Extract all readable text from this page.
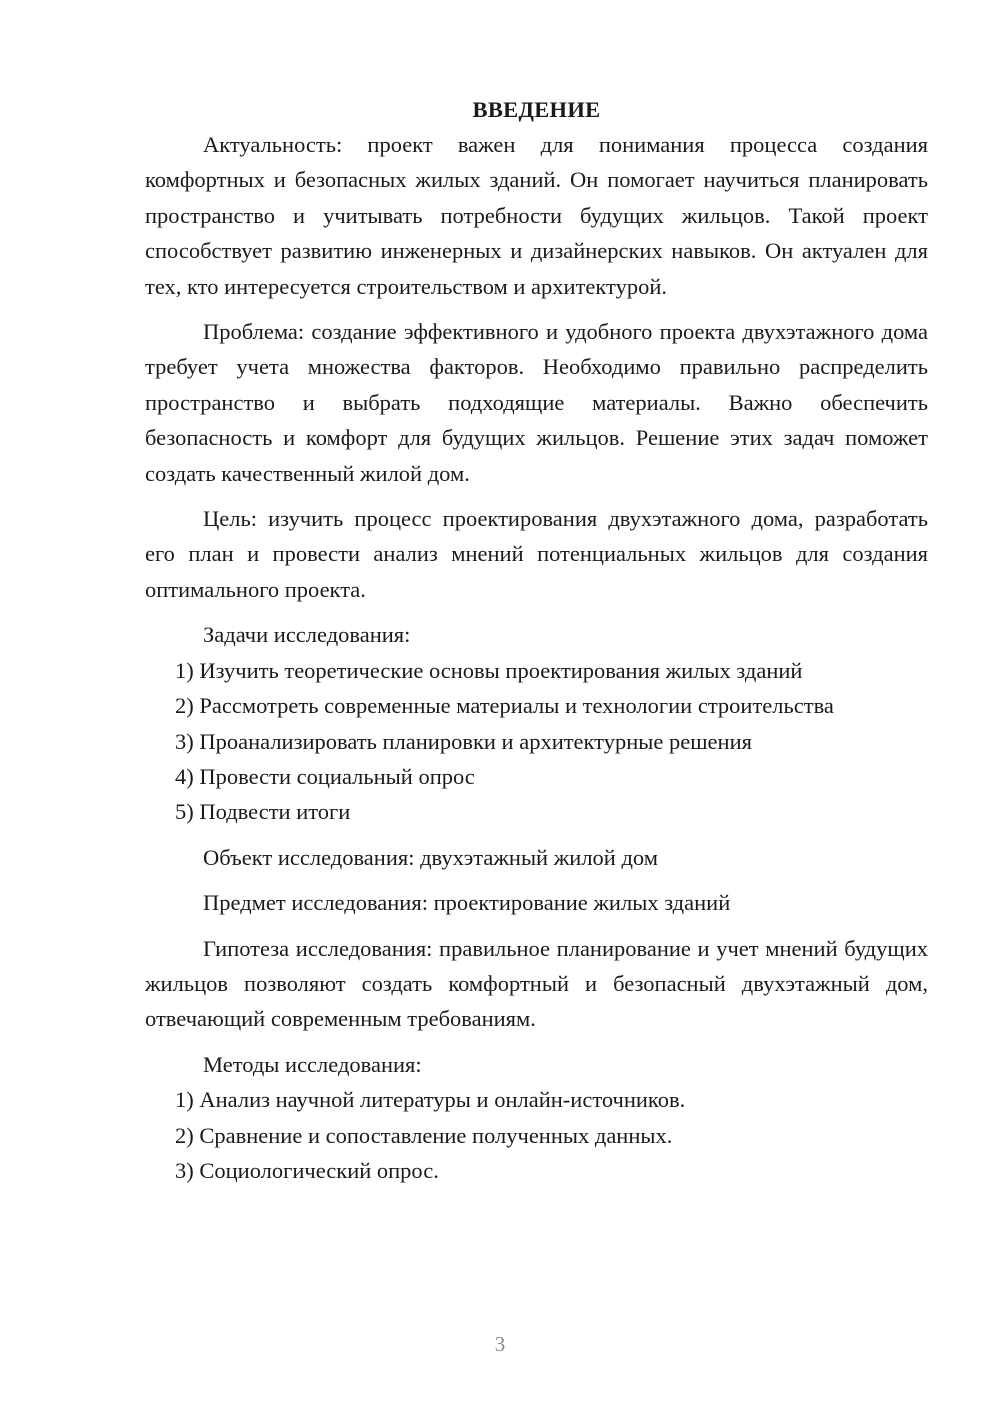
ВВЕДЕНИЕ

Актуальность: проект важен для понимания процесса создания комфортных и безопасных жилых зданий. Он помогает научиться планировать пространство и учитывать потребности будущих жильцов. Такой проект способствует развитию инженерных и дизайнерских навыков. Он актуален для тех, кто интересуется строительством и архитектурой.

Проблема: создание эффективного и удобного проекта двухэтажного дома требует учета множества факторов. Необходимо правильно распределить пространство и выбрать подходящие материалы. Важно обеспечить безопасность и комфорт для будущих жильцов. Решение этих задач поможет создать качественный жилой дом.

Цель: изучить процесс проектирования двухэтажного дома, разработать его план и провести анализ мнений потенциальных жильцов для создания оптимального проекта.

Задачи исследования:

1) Изучить теоретические основы проектирования жилых зданий
2) Рассмотреть современные материалы и технологии строительства
3) Проанализировать планировки и архитектурные решения
4) Провести социальный опрос
5) Подвести итоги

Объект исследования: двухэтажный жилой дом

Предмет исследования: проектирование жилых зданий

Гипотеза исследования: правильное планирование и учет мнений будущих жильцов позволяют создать комфортный и безопасный двухэтажный дом, отвечающий современным требованиям.

Методы исследования:

1) Анализ научной литературы и онлайн-источников.
2) Сравнение и сопоставление полученных данных.
3) Социологический опрос.
3
